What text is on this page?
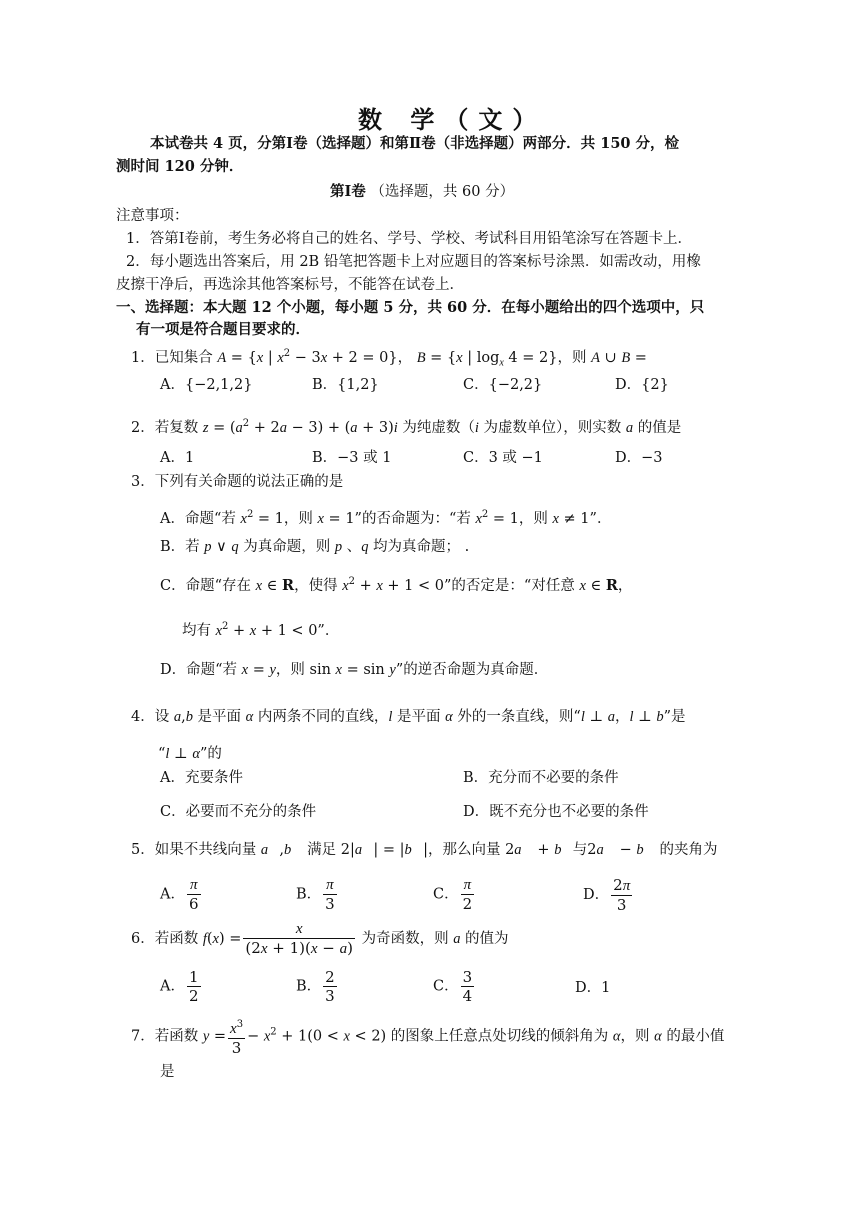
数 学（文）
本试卷共 4 页，分第Ⅰ卷（选择题）和第Ⅱ卷（非选择题）两部分．共 150 分，检
测时间 120 分钟．
第Ⅰ卷 （选择题，共 60 分）
注意事项：
1．答第Ⅰ卷前，考生务必将自己的姓名、学号、学校、考试科目用铅笔涂写在答题卡上．
2．每小题选出答案后，用 2B 铅笔把答题卡上对应题目的答案标号涂黑．如需改动，用橡
皮擦干净后，再选涂其他答案标号，不能答在试卷上．
一、选择题：本大题 12 个小题，每小题 5 分，共 60 分．在每小题给出的四个选项中，只
有一项是符合题目要求的．
1．已知集合 A = {x | $x^2 - 3x + 2 = 0$}， B = {x | $\log_x 4 = 2$}，则 A ∪ B =
A．{−2,1,2}	B．{1,2}	C．{−2,2}	D．{2}
2．若复数 $z = (a^2 + 2a - 3) + (a + 3)i$ 为纯虚数（i 为虚数单位），则实数 a 的值是
A．1	B．−3 或 1	C．3 或 −1	D．−3
3．下列有关命题的说法正确的是
A．命题“若 $x^2 = 1$，则 x = 1”的否命题为：“若 $x^2 = 1$，则 x ≠ 1”．
B．若 p ∨ q 为真命题，则 p 、q 均为真命题； .
C．命题“存在 x ∈ R，使得 $x^2 + x + 1 < 0$”的否定是：“对任意 x ∈ R，
均有 $x^2 + x + 1 < 0$”．
D．命题“若 x = y，则 sin x = sin y”的逆否命题为真命题．
4．设 a,b 是平面 α 内两条不同的直线，l 是平面 α 外的一条直线，则“l ⊥ a，l ⊥ b”是
“l ⊥ α”的
A．充要条件	B．充分而不必要的条件
C．必要而不充分的条件	D．既不充分也不必要的条件
5．如果不共线向量 a⃗,b⃗ 满足 2|a⃗| = |b⃗|，那么向量 2a⃗ + b⃗与2a⃗ − b⃗ 的夹角为
A． $\frac{\pi}{6}$	B． $\frac{\pi}{3}$	C． $\frac{\pi}{2}$	D． $\frac{2\pi}{3}$
6．若函数 $f(x) = \frac{x}{(2x + 1)(x - a)}$ 为奇函数，则 a 的值为
A． $\frac{1}{2}$	B． $\frac{2}{3}$	C． $\frac{3}{4}$	D．1
7．若函数 $y = \frac{x^3}{3} - x^2 + 1(0 < x < 2)$ 的图象上任意点处切线的倾斜角为 α，则 α 的最小值
是
